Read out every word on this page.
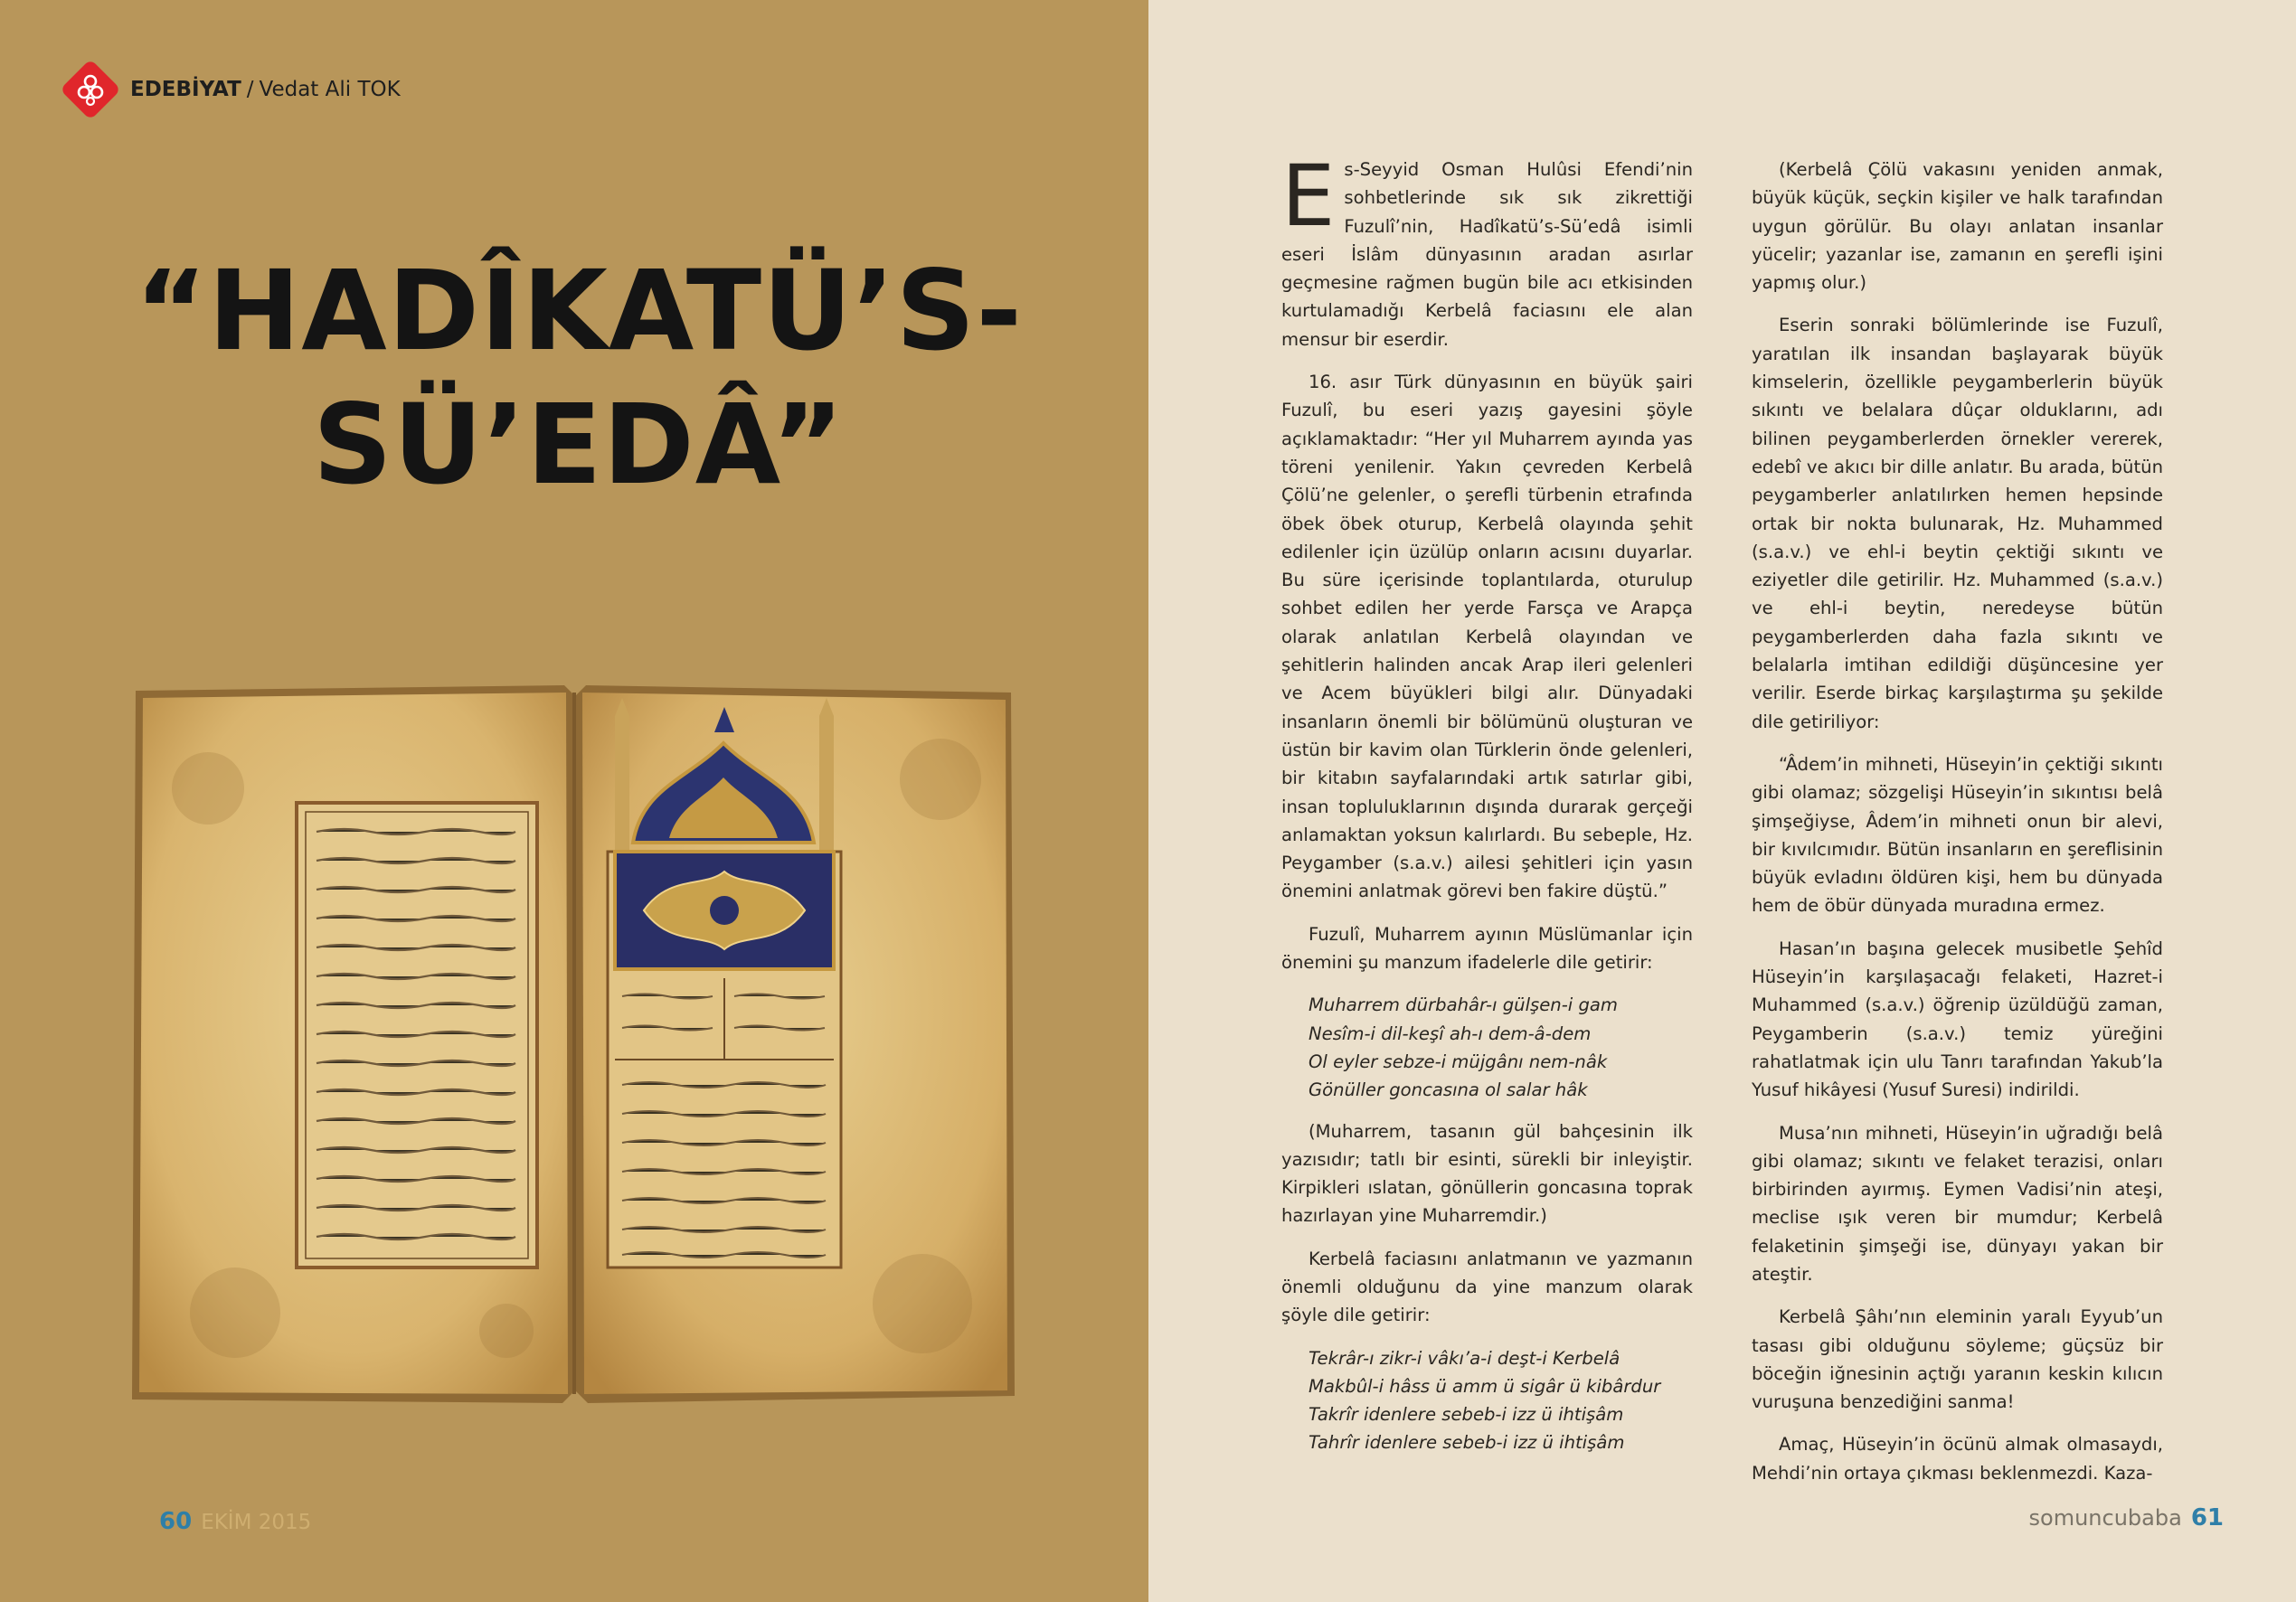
EDEBİYAT / Vedat Ali TOK
“HADÎKATÜ’S-
SÜ’EDÂ”
60 EKİM 2015

Es-Seyyid Osman Hulûsi Efendi’nin sohbetlerinde sık sık zikrettiği Fuzulî’nin, Hadîkatü’s-Sü’edâ isimli eseri İslâm dünyasının aradan asırlar geçmesine rağmen bugün bile acı etkisinden kurtulamadığı Kerbelâ faciasını ele alan mensur bir eserdir.

16. asır Türk dünyasının en büyük şairi Fuzulî, bu eseri yazış gayesini şöyle açıklamaktadır: “Her yıl Muharrem ayında yas töreni yenilenir. Yakın çevreden Kerbelâ Çölü’ne gelenler, o şerefli türbenin etrafında öbek öbek oturup, Kerbelâ olayında şehit edilenler için üzülüp onların acısını duyarlar. Bu süre içerisinde toplantılarda, oturulup sohbet edilen her yerde Farsça ve Arapça olarak anlatılan Kerbelâ olayından ve şehitlerin halinden ancak Arap ileri gelenleri ve Acem büyükleri bilgi alır. Dünyadaki insanların önemli bir bölümünü oluşturan ve üstün bir kavim olan Türklerin önde gelenleri, bir kitabın sayfalarındaki artık satırlar gibi, insan topluluklarının dışında durarak gerçeği anlamaktan yoksun kalırlardı. Bu sebeple, Hz. Peygamber (s.a.v.) ailesi şehitleri için yasın önemini anlatmak görevi ben fakire düştü.”

Fuzulî, Muharrem ayının Müslümanlar için önemini şu manzum ifadelerle dile getirir:

Muharrem dürbahâr-ı gülşen-i gam
Nesîm-i dil-keşî ah-ı dem-â-dem
Ol eyler sebze-i müjgânı nem-nâk
Gönüller goncasına ol salar hâk

(Muharrem, tasanın gül bahçesinin ilk yazısıdır; tatlı bir esinti, sürekli bir inleyiştir. Kirpikleri ıslatan, gönüllerin goncasına toprak hazırlayan yine Muharremdir.)

Kerbelâ faciasını anlatmanın ve yazmanın önemli olduğunu da yine manzum olarak şöyle dile getirir:

Tekrâr-ı zikr-i vâkı’a-i deşt-i Kerbelâ
Makbûl-i hâss ü amm ü sigâr ü kibârdur
Takrîr idenlere sebeb-i izz ü ihtişâm
Tahrîr idenlere sebeb-i izz ü ihtişâm

(Kerbelâ Çölü vakasını yeniden anmak, büyük küçük, seçkin kişiler ve halk tarafından uygun görülür. Bu olayı anlatan insanlar yücelir; yazanlar ise, zamanın en şerefli işini yapmış olur.)

Eserin sonraki bölümlerinde ise Fuzulî, yaratılan ilk insandan başlayarak büyük kimselerin, özellikle peygamberlerin büyük sıkıntı ve belalara dûçar olduklarını, adı bilinen peygamberlerden örnekler vererek, edebî ve akıcı bir dille anlatır. Bu arada, bütün peygamberler anlatılırken hemen hepsinde ortak bir nokta bulunarak, Hz. Muhammed (s.a.v.) ve ehl-i beytin çektiği sıkıntı ve eziyetler dile getirilir. Hz. Muhammed (s.a.v.) ve ehl-i beytin, neredeyse bütün peygamberlerden daha fazla sıkıntı ve belalarla imtihan edildiği düşüncesine yer verilir. Eserde birkaç karşılaştırma şu şekilde dile getiriliyor:

“Âdem’in mihneti, Hüseyin’in çektiği sıkıntı gibi olamaz; sözgelişi Hüseyin’in sıkıntısı belâ şimşeğiyse, Âdem’in mihneti onun bir alevi, bir kıvılcımıdır. Bütün insanların en şereflisinin büyük evladını öldüren kişi, hem bu dünyada hem de öbür dünyada muradına ermez.

Hasan’ın başına gelecek musibetle Şehîd Hüseyin’in karşılaşacağı felaketi, Hazret-i Muhammed (s.a.v.) öğrenip üzüldüğü zaman, Peygamberin (s.a.v.) temiz yüreğini rahatlatmak için ulu Tanrı tarafından Yakub’la Yusuf hikâyesi (Yusuf Suresi) indirildi.

Musa’nın mihneti, Hüseyin’in uğradığı belâ gibi olamaz; sıkıntı ve felaket terazisi, onları birbirinden ayırmış. Eymen Vadisi’nin ateşi, meclise ışık veren bir mumdur; Kerbelâ felaketinin şimşeği ise, dünyayı yakan bir ateştir.

Kerbelâ Şâhı’nın eleminin yaralı Eyyub’un tasası gibi olduğunu söyleme; güçsüz bir böceğin iğnesinin açtığı yaranın keskin kılıcın vuruşuna benzediğini sanma!

Amaç, Hüseyin’in öcünü almak olmasaydı, Mehdi’nin ortaya çıkması beklenmezdi. Kaza-

somuncubaba 61
